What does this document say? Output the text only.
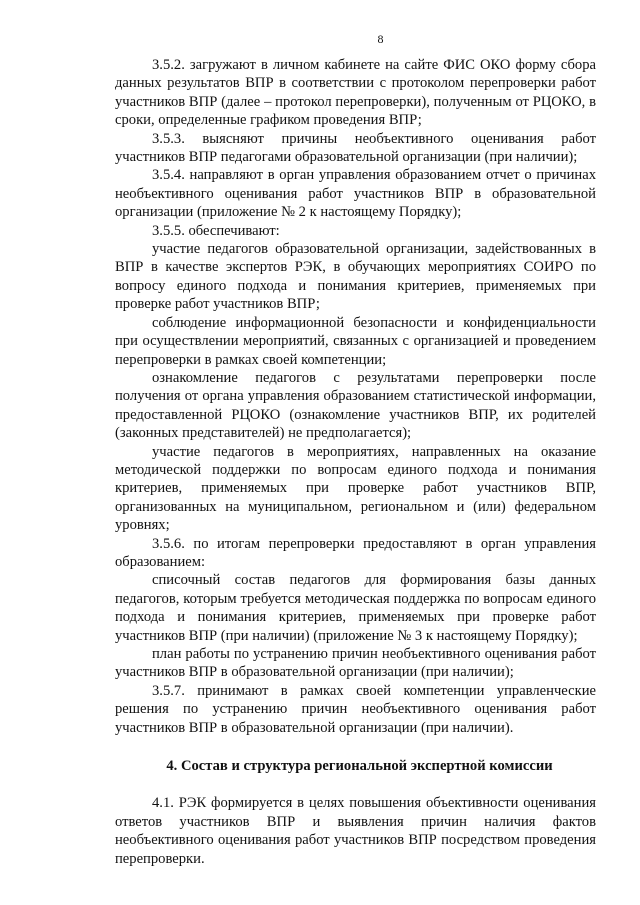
8

3.5.2. загружают в личном кабинете на сайте ФИС ОКО форму сбора данных результатов ВПР в соответствии с протоколом перепроверки работ участников ВПР (далее – протокол перепроверки), полученным от РЦОКО, в сроки, определенные графиком проведения ВПР;

3.5.3. выясняют причины необъективного оценивания работ участников ВПР педагогами образовательной организации (при наличии);

3.5.4. направляют в орган управления образованием отчет о причинах необъективного оценивания работ участников ВПР в образовательной организации (приложение № 2 к настоящему Порядку);

3.5.5. обеспечивают:

участие педагогов образовательной организации, задействованных в ВПР в качестве экспертов РЭК, в обучающих мероприятиях СОИРО по вопросу единого подхода и понимания критериев, применяемых при проверке работ участников ВПР;

соблюдение информационной безопасности и конфиденциальности при осуществлении мероприятий, связанных с организацией и проведением перепроверки в рамках своей компетенции;

ознакомление педагогов с результатами перепроверки после получения от органа управления образованием статистической информации, предоставленной РЦОКО (ознакомление участников ВПР, их родителей (законных представителей) не предполагается);

участие педагогов в мероприятиях, направленных на оказание методической поддержки по вопросам единого подхода и понимания критериев, применяемых при проверке работ участников ВПР, организованных на муниципальном, региональном и (или) федеральном уровнях;

3.5.6. по итогам перепроверки предоставляют в орган управления образованием:

списочный состав педагогов для формирования базы данных педагогов, которым требуется методическая поддержка по вопросам единого подхода и понимания критериев, применяемых при проверке работ участников ВПР (при наличии) (приложение № 3 к настоящему Порядку);

план работы по устранению причин необъективного оценивания работ участников ВПР в образовательной организации (при наличии);

3.5.7. принимают в рамках своей компетенции управленческие решения по устранению причин необъективного оценивания работ участников ВПР в образовательной организации (при наличии).

4. Состав и структура региональной экспертной комиссии

4.1. РЭК формируется в целях повышения объективности оценивания ответов участников ВПР и выявления причин наличия фактов необъективного оценивания работ участников ВПР посредством проведения перепроверки.
